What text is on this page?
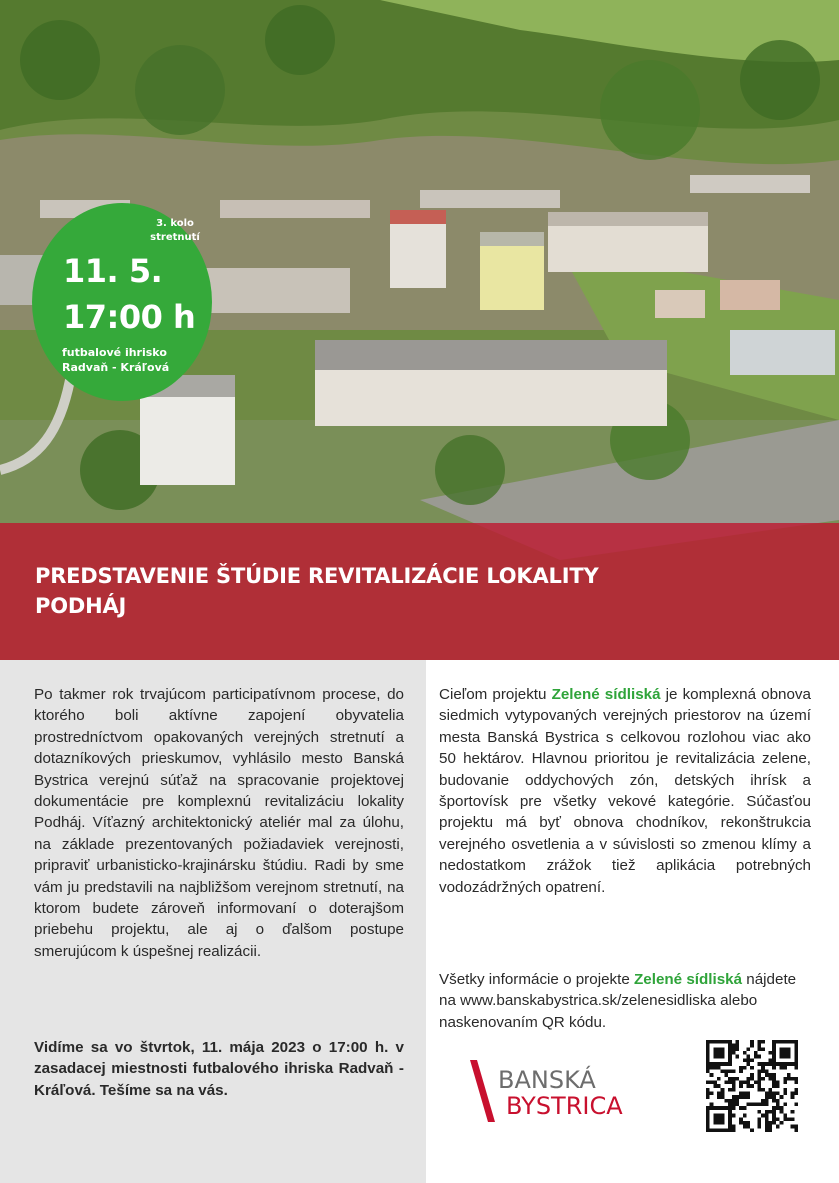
PREDSTAVENIE ŠTÚDIE REVITALIZÁCIE LOKALITY
PODHÁJ
3. kolo stretnutí
11. 5.
17:00 h
futbalové ihrisko Radvaň - Kráľová
Po takmer rok trvajúcom participatívnom procese, do ktorého boli aktívne zapojení obyvatelia prostredníctvom opakovaných verejných stretnutí a dotazníkových prieskumov, vyhlásilo mesto Banská Bystrica verejnú súťaž na spracovanie projektovej dokumentácie pre komplexnú revitalizáciu lokality Podháj. Víťazný architektonický ateliér mal za úlohu, na základe prezentovaných požiadaviek verejnosti, pripraviť urbanisticko-krajinársku štúdiu. Radi by sme vám ju predstavili na najbližšom verejnom stretnutí, na ktorom budete zároveň informovaní o doterajšom priebehu projektu, ale aj o ďalšom postupe smerujúcom k úspešnej realizácii.
Vidíme sa vo štvrtok, 11. mája 2023 o 17:00 h. v zasadacej miestnosti futbalového ihriska Radvaň - Kráľová. Tešíme sa na vás.
Cieľom projektu Zelené sídliská je komplexná obnova siedmich vytypovaných verejných priestorov na území mesta Banská Bystrica s celkovou rozlohou viac ako 50 hektárov. Hlavnou prioritou je revitalizácia zelene, budovanie oddychových zón, detských ihrísk a športovísk pre všetky vekové kategórie. Súčasťou projektu má byť obnova chodníkov, rekonštrukcia verejného osvetlenia a v súvislosti so zmenou klímy a nedostatkom zrážok tiež aplikácia potrebných vodozádržných opatrení.
Všetky informácie o projekte Zelené sídliská nájdete na www.banskabystrica.sk/zelenesidliska alebo naskenovaním QR kódu.
BANSKÁ
BYSTRICA
